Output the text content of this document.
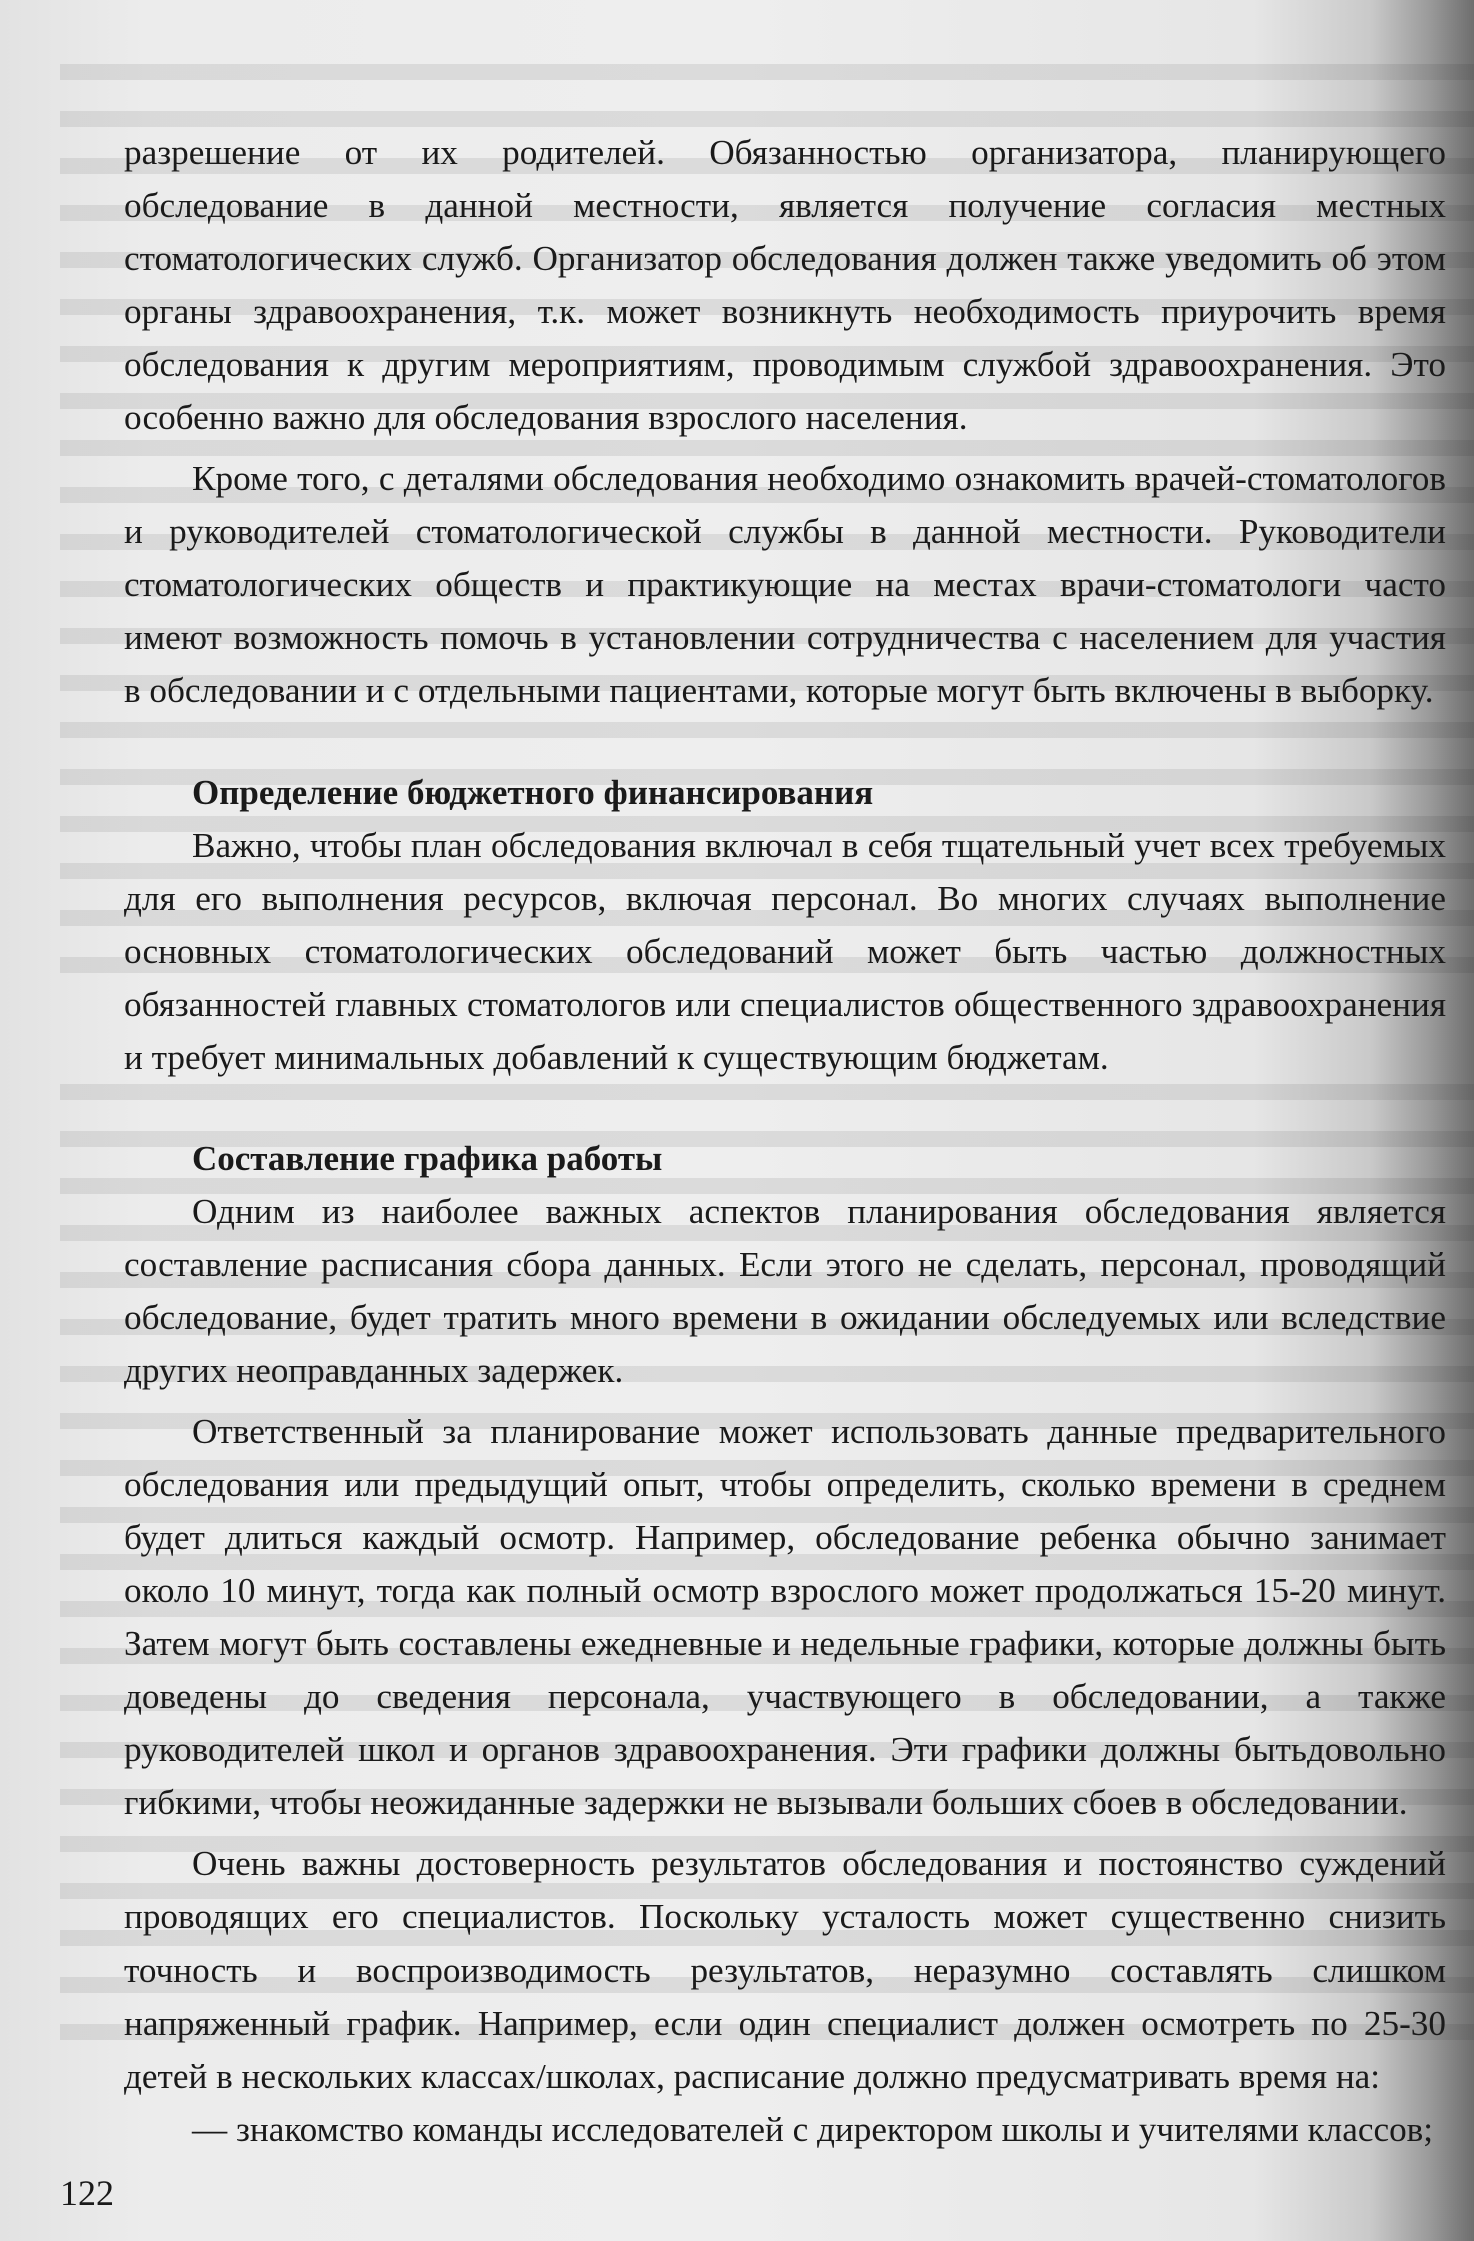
разрешение от их родителей. Обязанностью организатора, планирующего обследование в данной местности, является получение согласия местных стоматологических служб. Организатор обследования должен также уведомить об этом органы здравоохранения, т.к. может возникнуть необходимость приурочить время обследования к другим мероприятиям, проводимым службой здравоохранения. Это особенно важно для обследования взрослого населения.

Кроме того, с деталями обследования необходимо ознакомить врачей-стоматологов и руководителей стоматологической службы в данной местности. Руководители стоматологических обществ и практикующие на местах врачи-стоматологи часто имеют возможность помочь в установлении сотрудничества с населением для участия в обследовании и с отдельными пациентами, которые могут быть включены в выборку.

Определение бюджетного финансирования

Важно, чтобы план обследования включал в себя тщательный учет всех требуемых для его выполнения ресурсов, включая персонал. Во многих случаях выполнение основных стоматологических обследований может быть частью должностных обязанностей главных стоматологов или специалистов общественного здравоохранения и требует минимальных добавлений к существующим бюджетам.

Составление графика работы

Одним из наиболее важных аспектов планирования обследования является составление расписания сбора данных. Если этого не сделать, персонал, проводящий обследование, будет тратить много времени в ожидании обследуемых или вследствие других неоправданных задержек.

Ответственный за планирование может использовать данные предварительного обследования или предыдущий опыт, чтобы определить, сколько времени в среднем будет длиться каждый осмотр. Например, обследование ребенка обычно занимает около 10 минут, тогда как полный осмотр взрослого может продолжаться 15-20 минут. Затем могут быть составлены ежедневные и недельные графики, которые должны быть доведены до сведения персонала, участвующего в обследовании, а также руководителей школ и органов здравоохранения. Эти графики должны бытьдовольно гибкими, чтобы неожиданные задержки не вызывали больших сбоев в обследовании.

Очень важны достоверность результатов обследования и постоянство суждений проводящих его специалистов. Поскольку усталость может существенно снизить точность и воспроизводимость результатов, неразумно составлять слишком напряженный график. Например, если один специалист должен осмотреть по 25-30 детей в нескольких классах/школах, расписание должно предусматривать время на:

— знакомство команды исследователей с директором школы и учителями классов;

122
